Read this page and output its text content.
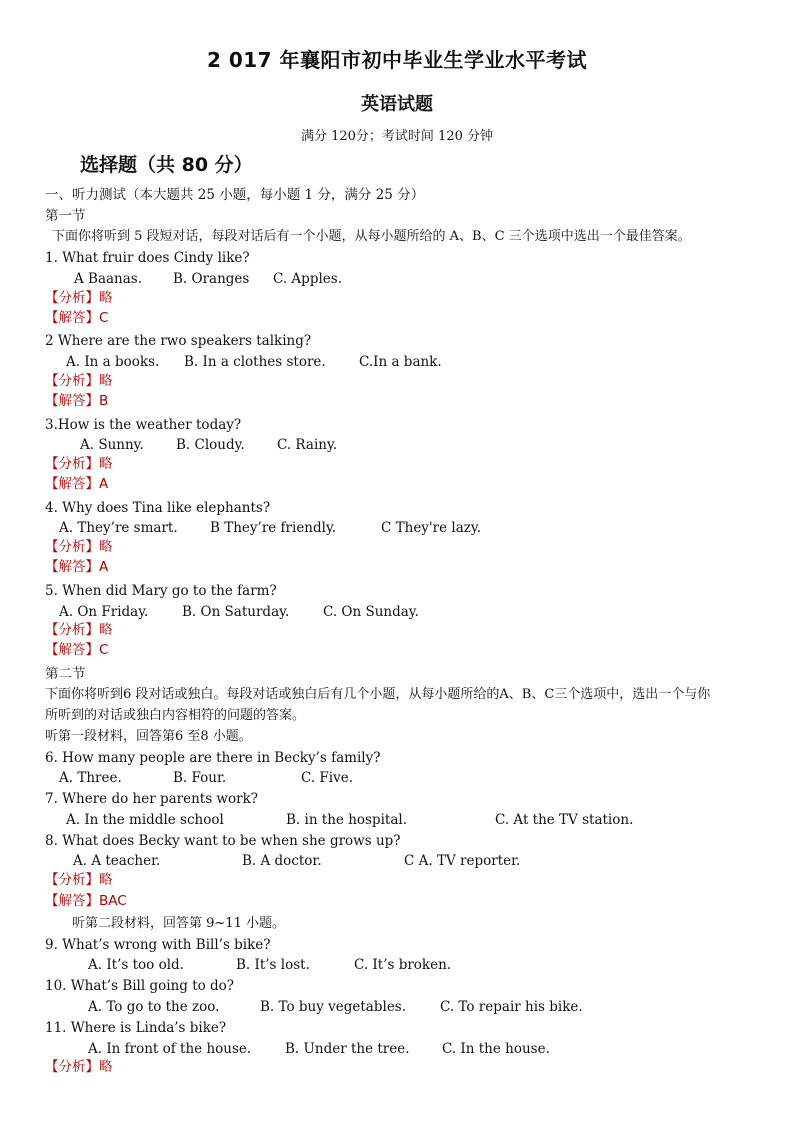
2 017 年襄阳市初中毕业生学业水平考试
英语试题
满分 120分；考试时间 120 分钟
选择题（共 80 分）
一、听力测试（本大题共 25 小题，每小题 1 分，满分 25 分）
第一节
下面你将听到 5 段短对话，每段对话后有一个小题，从每小题所给的 A、B、C 三个选项中选出一个最佳答案。
1. What fruir does Cindy like?
A Baanas. B. Oranges C. Apples.
【分析】略
【解答】C
2 Where are the rwo speakers talking?
A. In a books. B. In a clothes store. C.In a bank.
【分析】略
【解答】B
3.How is the weather today?
A. Sunny. B. Cloudy. C. Rainy.
【分析】略
【解答】A
4. Why does Tina like elephants?
A. They’re smart. B They’re friendly.	C They're lazy.
【分析】略
【解答】A
5. When did Mary go to the farm?
A. On Friday. B. On Saturday.	C. On Sunday.
【分析】略
【解答】C
第二节
下面你将听到6 段对话或独白。每段对话或独白后有几个小题，从每小题所给的A、B、C三个选项中，选出一个与你
所听到的对话或独白内容相符的问题的答案。
听第一段材料，回答第6 至8 小题。
6. How many people are there in Becky’s family?
A. Three.	B. Four.	C. Five.
7. Where do her parents work?
A. In the middle school	B. in the hospital.	C. At the TV station.
8. What does Becky want to be when she grows up?
A. A teacher.	B. A doctor.	C A. TV reporter.
【分析】略
【解答】BAC
听第二段材料，回答第 9~11 小题。
9. What’s wrong with Bill’s bike?
A. It’s too old.	B. It’s lost.	C. It’s broken.
10. What’s Bill going to do?
A. To go to the zoo.	B. To buy vegetables.	C. To repair his bike.
11. Where is Linda’s bike?
A. In front of the house.	B. Under the tree. C. In the house.
【分析】略
